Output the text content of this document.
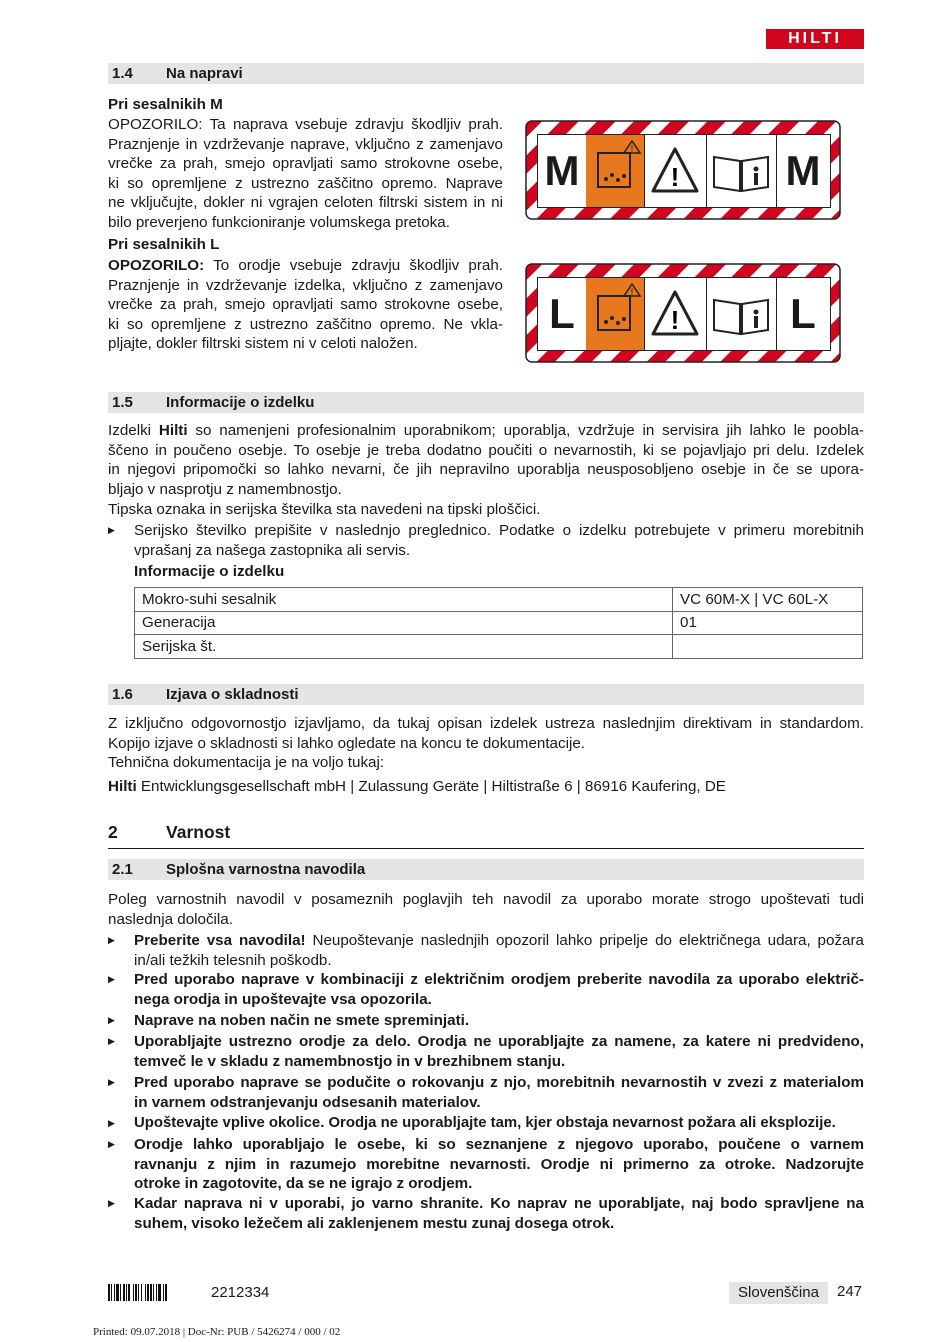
HILTI
1.4 Na napravi
Pri sesalnikih M
OPOZORILO: Ta naprava vsebuje zdravju škodljiv prah.
Praznjenje in vzdrževanje naprave, vključno z zamenjavo
vrečke za prah, smejo opravljati samo strokovne osebe,
ki so opremljene z ustrezno zaščitno opremo. Naprave
ne vključujte, dokler ni vgrajen celoten filtrski sistem in ni
bilo preverjeno funkcioniranje volumskega pretoka.
Pri sesalnikih L
OPOZORILO: To orodje vsebuje zdravju škodljiv prah.
Praznjenje in vzdrževanje izdelka, vključno z zamenjavo
vrečke za prah, smejo opravljati samo strokovne osebe,
ki so opremljene z ustrezno zaščitno opremo. Ne vkla-
pljajte, dokler filtrski sistem ni v celoti naložen.
M	!
!	M
L	!
!	L
1.5 Informacije o izdelku
Izdelki Hilti so namenjeni profesionalnim uporabnikom; uporablja, vzdržuje in servisira jih lahko le poobla-
ščeno in poučeno osebje. To osebje je treba dodatno poučiti o nevarnostih, ki se pojavljajo pri delu. Izdelek
in njegovi pripomočki so lahko nevarni, če jih nepravilno uporablja neusposobljeno osebje in če se upora-
bljajo v nasprotju z namembnostjo.
Tipska oznaka in serijska številka sta navedeni na tipski ploščici.
▶ Serijsko številko prepišite v naslednjo preglednico. Podatke o izdelku potrebujete v primeru morebitnih
vprašanj za našega zastopnika ali servis.
Informacije o izdelku
Mokro-suhi sesalnik	VC 60M-X | VC 60L-X
Generacija	01
Serijska št.	
1.6 Izjava o skladnosti
Z izključno odgovornostjo izjavljamo, da tukaj opisan izdelek ustreza naslednjim direktivam in standardom.
Kopijo izjave o skladnosti si lahko ogledate na koncu te dokumentacije.
Tehnična dokumentacija je na voljo tukaj:
Hilti Entwicklungsgesellschaft mbH | Zulassung Geräte | Hiltistraße 6 | 86916 Kaufering, DE
2	Varnost
2.1 Splošna varnostna navodila
Poleg varnostnih navodil v posameznih poglavjih teh navodil za uporabo morate strogo upoštevati tudi
naslednja določila.
▶ Preberite vsa navodila! Neupoštevanje naslednjih opozoril lahko pripelje do električnega udara, požara
in/ali težkih telesnih poškodb.
▶ Pred uporabo naprave v kombinaciji z električnim orodjem preberite navodila za uporabo električ-
nega orodja in upoštevajte vsa opozorila.
▶ Naprave na noben način ne smete spreminjati.
▶ Uporabljajte ustrezno orodje za delo. Orodja ne uporabljajte za namene, za katere ni predvideno,
temveč le v skladu z namembnostjo in v brezhibnem stanju.
▶ Pred uporabo naprave se podučite o rokovanju z njo, morebitnih nevarnostih v zvezi z materialom
in varnem odstranjevanju odsesanih materialov.
▶ Upoštevajte vplive okolice. Orodja ne uporabljajte tam, kjer obstaja nevarnost požara ali eksplozije.
▶ Orodje lahko uporabljajo le osebe, ki so seznanjene z njegovo uporabo, poučene o varnem
ravnanju z njim in razumejo morebitne nevarnosti. Orodje ni primerno za otroke. Nadzorujte
otroke in zagotovite, da se ne igrajo z orodjem.
▶ Kadar naprava ni v uporabi, jo varno shranite. Ko naprav ne uporabljate, naj bodo spravljene na
suhem, visoko ležečem ali zaklenjenem mestu zunaj dosega otrok.
2212334	Slovenščina	247
Printed: 09.07.2018 | Doc-Nr: PUB / 5426274 / 000 / 02
